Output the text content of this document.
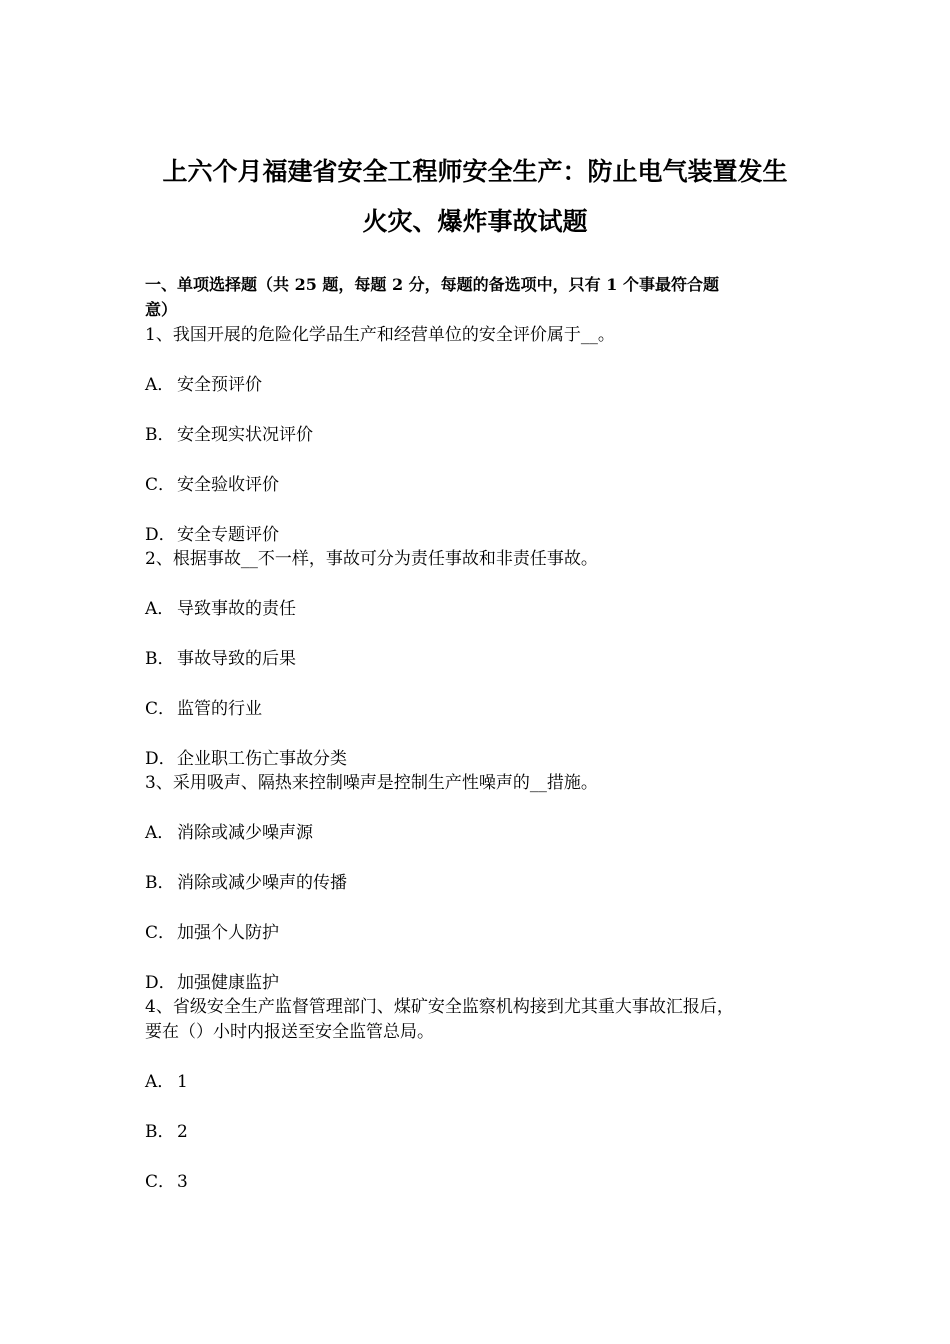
上六个月福建省安全工程师安全生产：防止电气装置发生
火灾、爆炸事故试题
一、单项选择题（共 25 题，每题 2 分，每题的备选项中，只有 1 个事最符合题
意）
1、我国开展的危险化学品生产和经营单位的安全评价属于__。
A． 安全预评价
B． 安全现实状况评价
C． 安全验收评价
D．安全专题评价
2、根据事故__不一样，事故可分为责任事故和非责任事故。
A． 导致事故的责任
B． 事故导致的后果
C． 监管的行业
D．企业职工伤亡事故分类
3、采用吸声、隔热来控制噪声是控制生产性噪声的__措施。
A． 消除或减少噪声源
B． 消除或减少噪声的传播
C． 加强个人防护
D．加强健康监护
4、省级安全生产监督管理部门、煤矿安全监察机构接到尤其重大事故汇报后，
要在（）小时内报送至安全监管总局。
A． 1
B． 2
C． 3
